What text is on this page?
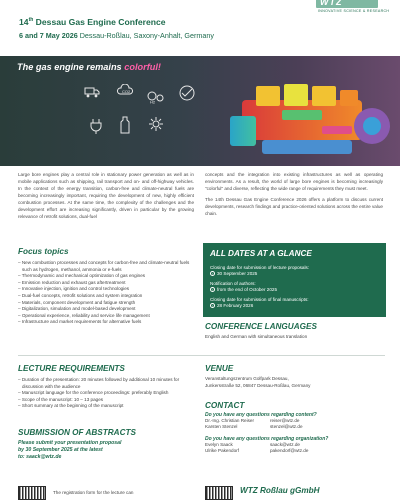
14th Dessau Gas Engine Conference
6 and 7 May 2026 Dessau-Roßlau, Saxony-Anhalt, Germany
WTZ
INNOVATIVE SCIENCE & RESEARCH
The gas engine remains colorful!
CO2
H2

Large bore engines play a central role in stationary power generation as well as in mobile applications such as shipping, rail transport and on- and off-highway vehicles. In the context of the energy transition, carbon-free and climate-neutral fuels are becoming increasingly important, requiring the development of new, highly efficient combustion processes. At the same time, the complexity of the challenges and the development effort are increasing significantly, driven in particular by the growing relevance of retrofit solutions, dual-fuel

concepts and the integration into existing infrastructures as well as operating environments. As a result, the world of large bore engines is becoming increasingly "colorful" and diverse, reflecting the wide range of requirements they must meet.

The 14th Dessau Gas Engine Conference 2026 offers a platform to discuss current developments, research findings and practice-oriented solutions across the entire value chain.

Focus topics
– New combustion processes and concepts for carbon-free and climate-neutral fuels such as hydrogen, methanol, ammonia or e-fuels
– Thermodynamic and mechanical optimization of gas engines
– Emission reduction and exhaust gas aftertreatment
– Innovative injection, ignition and control technologies
– Dual-fuel concepts, retrofit solutions and system integration
– Materials, component development and fatigue strength
– Digitalization, simulation and model-based development
– Operational experience, reliability and service life management
– Infrastructure and market requirements for alternative fuels
ALL DATES AT A GLANCE
Closing date for submission of lecture proposals:
› 30 September 2025
Notification of authors:
› from the end of October 2025
Closing date for submission of final manuscripts:
› 28 February 2026
CONFERENCE LANGUAGES
English and German with simultaneous translation
LECTURE REQUIREMENTS
– Duration of the presentation: 20 minutes followed by additional 10 minutes for discussion with the audience
– Manuscript language for the conference proceedings: preferably English
– Scope of the manuscript: 10 – 13 pages
– Short summary at the beginning of the manuscript
SUBMISSION OF ABSTRACTS
Please submit your presentation proposal
by 30 September 2025 at the latest
to: saack@wtz.de
VENUE
Veranstaltungszentrum Golfpark Dessau,
Junkersstraße 52, 06847 Dessau-Roßlau, Germany
CONTACT
Do you have any questions regarding content?
Dr.-Ing. Christian Reiser	reiser@wtz.de
Karsten Stenzel	stenzel@wtz.de
Do you have any questions regarding organization?
Evelyn Saack	saack@wtz.de
Ulrike Pakendorf	pakendorf@wtz.de
The registration form for the lecture can	WTZ Roßlau gGmbH
